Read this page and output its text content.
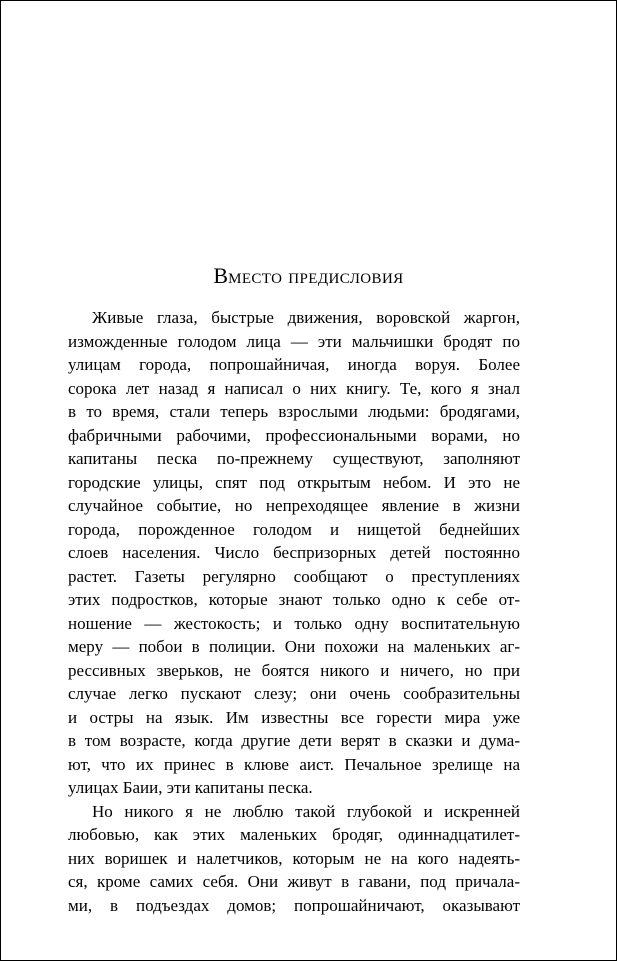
Вместо предисловия
Живые глаза, быстрые движения, воровской жаргон,
изможденные голодом лица — эти мальчишки бродят по
улицам города, попрошайничая, иногда воруя. Более
сорока лет назад я написал о них книгу. Те, кого я знал
в то время, стали теперь взрослыми людьми: бродягами,
фабричными рабочими, профессиональными ворами, но
капитаны песка по-прежнему существуют, заполняют
городские улицы, спят под открытым небом. И это не
случайное событие, но непреходящее явление в жизни
города, порожденное голодом и нищетой беднейших
слоев населения. Число беспризорных детей постоянно
растет. Газеты регулярно сообщают о преступлениях
этих подростков, которые знают только одно к себе от-
ношение — жестокость; и только одну воспитательную
меру — побои в полиции. Они похожи на маленьких аг-
рессивных зверьков, не боятся никого и ничего, но при
случае легко пускают слезу; они очень сообразительны
и остры на язык. Им известны все горести мира уже
в том возрасте, когда другие дети верят в сказки и дума-
ют, что их принес в клюве аист. Печальное зрелище на
улицах Баии, эти капитаны песка.
Но никого я не люблю такой глубокой и искренней
любовью, как этих маленьких бродяг, одиннадцатилет-
них воришек и налетчиков, которым не на кого надеять-
ся, кроме самих себя. Они живут в гавани, под причала-
ми, в подъездах домов; попрошайничают, оказывают
